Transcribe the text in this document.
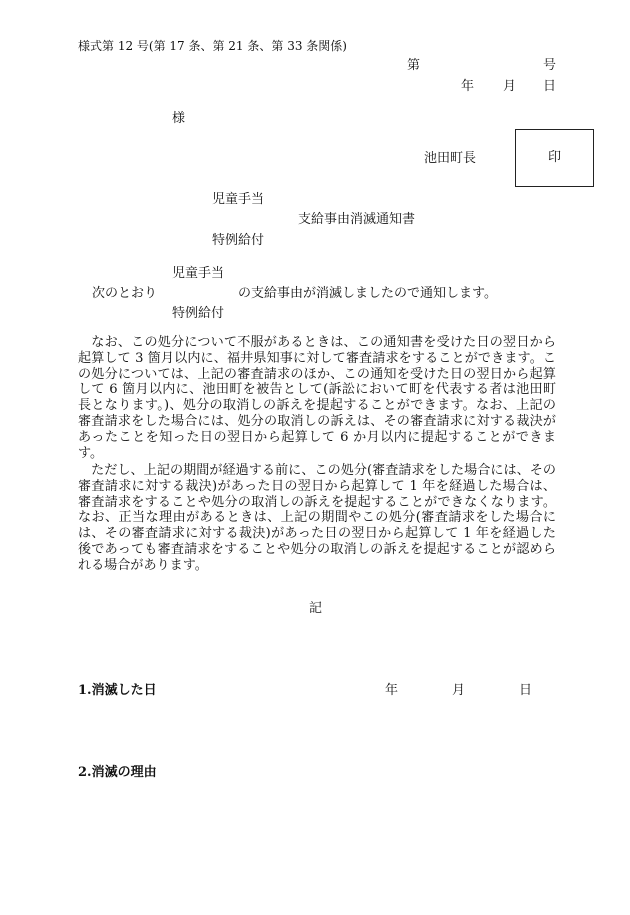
様式第 12 号(第 17 条、第 21 条、第 33 条関係)
第	号
年 月 日
様
池田町長	印
児童手当
支給事由消滅通知書
特例給付
児童手当
次のとおり	の支給事由が消滅しましたので通知します。
特例給付
　なお、この処分について不服があるときは、この通知書を受けた日の翌日から起算して 3 箇月以内に、福井県知事に対して審査請求をすることができます。この処分については、上記の審査請求のほか、この通知を受けた日の翌日から起算して 6 箇月以内に、池田町を被告として(訴訟において町を代表する者は池田町長となります。)、処分の取消しの訴えを提起することができます。なお、上記の審査請求をした場合には、処分の取消しの訴えは、その審査請求に対する裁決があったことを知った日の翌日から起算して 6 か月以内に提起することができます。
　ただし、上記の期間が経過する前に、この処分(審査請求をした場合には、その審査請求に対する裁決)があった日の翌日から起算して 1 年を経過した場合は、審査請求をすることや処分の取消しの訴えを提起することができなくなります。なお、正当な理由があるときは、上記の期間やこの処分(審査請求をした場合には、その審査請求に対する裁決)があった日の翌日から起算して 1 年を経過した後であっても審査請求をすることや処分の取消しの訴えを提起することが認められる場合があります。
記
1.消滅した日	年	月	日
2.消滅の理由
